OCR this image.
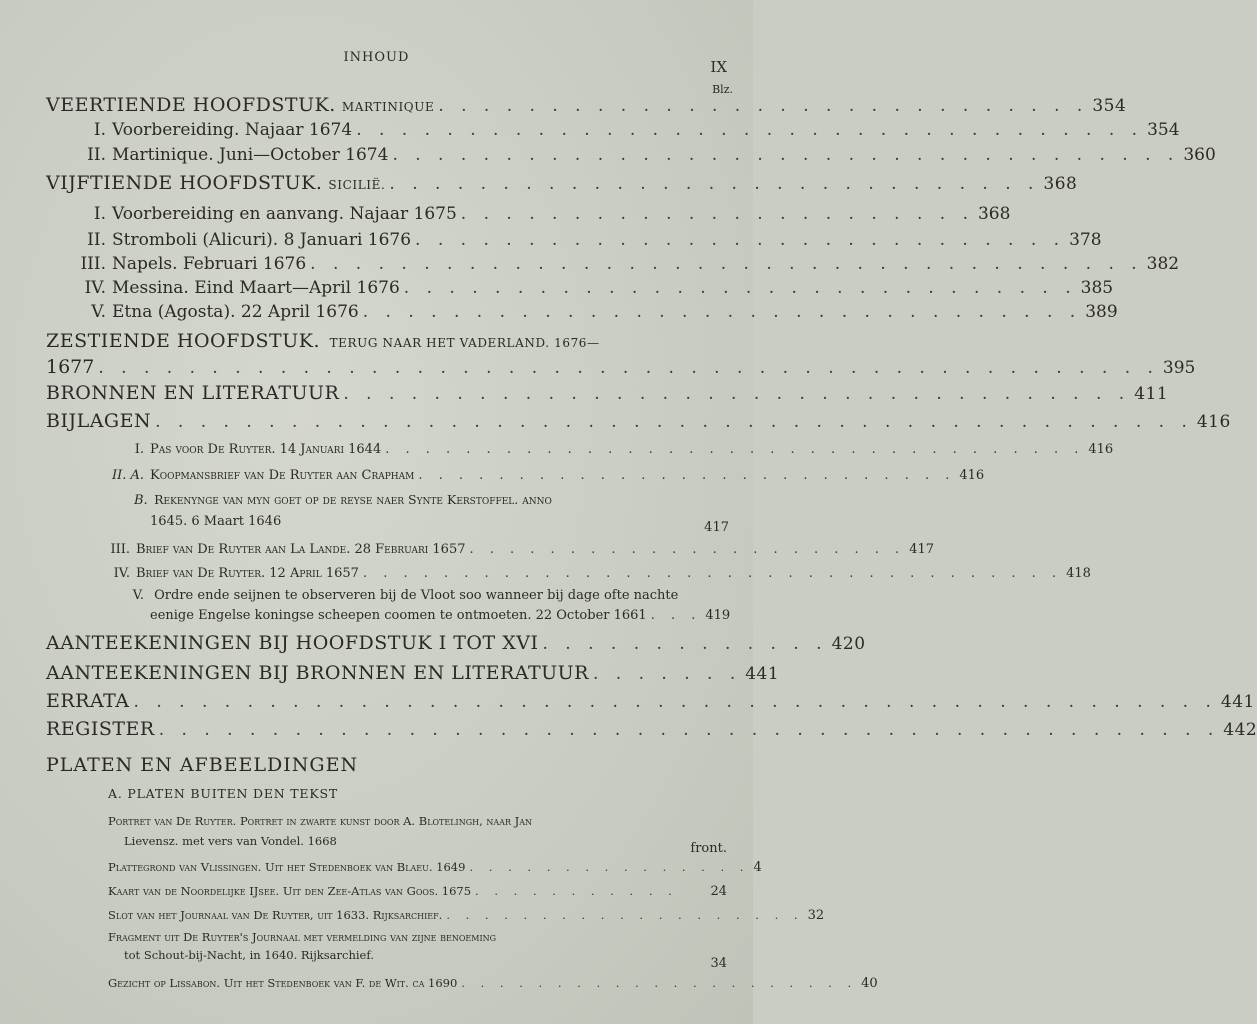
INHOUD
IX
Blz.
VEERTIENDE HOOFDSTUK. MARTINIQUE . . . . . . . . . . . . . . . . . . . . . . . . . . . . . 354
I. Voorbereiding. Najaar 1674 . . . . . . . . . . . . . . . . . . . . . . . . . . . . . . . . . . . 354
II. Martinique. Juni—October 1674 . . . . . . . . . . . . . . . . . . . . . . . . . . . . . . . . . . . 360
VIJFTIENDE HOOFDSTUK. SICILIË. . . . . . . . . . . . . . . . . . . . . . . . . . . . . . 368
I. Voorbereiding en aanvang. Najaar 1675 . . . . . . . . . . . . . . . . . . . . . . . 368
II. Stromboli (Alicuri). 8 Januari 1676 . . . . . . . . . . . . . . . . . . . . . . . . . . . . . 378
III. Napels. Februari 1676 . . . . . . . . . . . . . . . . . . . . . . . . . . . . . . . . . . . . . 382
IV. Messina. Eind Maart—April 1676 . . . . . . . . . . . . . . . . . . . . . . . . . . . . . . 385
V. Etna (Agosta). 22 April 1676 . . . . . . . . . . . . . . . . . . . . . . . . . . . . . . . . 389
ZESTIENDE HOOFDSTUK. TERUG NAAR HET VADERLAND. 1676—
1677 . . . . . . . . . . . . . . . . . . . . . . . . . . . . . . . . . . . . . . . . . . . . . . . 395
BRONNEN EN LITERATUUR . . . . . . . . . . . . . . . . . . . . . . . . . . . . . . . . . . . 411
BIJLAGEN . . . . . . . . . . . . . . . . . . . . . . . . . . . . . . . . . . . . . . . . . . . . . . 416
I. Pas voor De Ruyter. 14 Januari 1644 . . . . . . . . . . . . . . . . . . . . . . . . . . . . . . . . . . . 416
II. A. Koopmansbrief van De Ruyter aan Crapham . . . . . . . . . . . . . . . . . . . . . . . . . . . 416
B. Rekenynge van myn goet op de reyse naer Synte Kerstoffel. anno
1645. 6 Maart 1646	417
III. Brief van De Ruyter aan La Lande. 28 Februari 1657 . . . . . . . . . . . . . . . . . . . . . . 417
IV. Brief van De Ruyter. 12 April 1657 . . . . . . . . . . . . . . . . . . . . . . . . . . . . . . . . . . . 418
V. Ordre ende seijnen te observeren bij de Vloot soo wanneer bij dage ofte nachte
eenige Engelse koningse scheepen coomen te ontmoeten. 22 October 1661 . . . 419
AANTEEKENINGEN BIJ HOOFDSTUK I TOT XVI . . . . . . . . . . . . . 420
AANTEEKENINGEN BIJ BRONNEN EN LITERATUUR . . . . . . . 441
ERRATA . . . . . . . . . . . . . . . . . . . . . . . . . . . . . . . . . . . . . . . . . . . . . . . . 441
REGISTER . . . . . . . . . . . . . . . . . . . . . . . . . . . . . . . . . . . . . . . . . . . . . . . 442
PLATEN EN AFBEELDINGEN
A. PLATEN BUITEN DEN TEKST
Portret van De Ruyter. Portret in zwarte kunst door A. Blotelingh, naar Jan
Lievensz. met vers van Vondel. 1668	front.
Plattegrond van Vlissingen. Uit het Stedenboek van Blaeu. 1649 . . . . . . . . . . . . . . . 4
Kaart van de Noordelijke IJsee. Uit den Zee-Atlas van Goos. 1675 . . . . . . . . . . .	24
Slot van het Journaal van De Ruyter, uit 1633. Rijksarchief. . . . . . . . . . . . . . . . . . . . 32
Fragment uit De Ruyter's Journaal met vermelding van zijne benoeming
tot Schout-bij-Nacht, in 1640. Rijksarchief.
34
Gezicht op Lissabon. Uit het Stedenboek van F. de Wit. ca 1690 . . . . . . . . . . . . . . . . . . . . . 40
